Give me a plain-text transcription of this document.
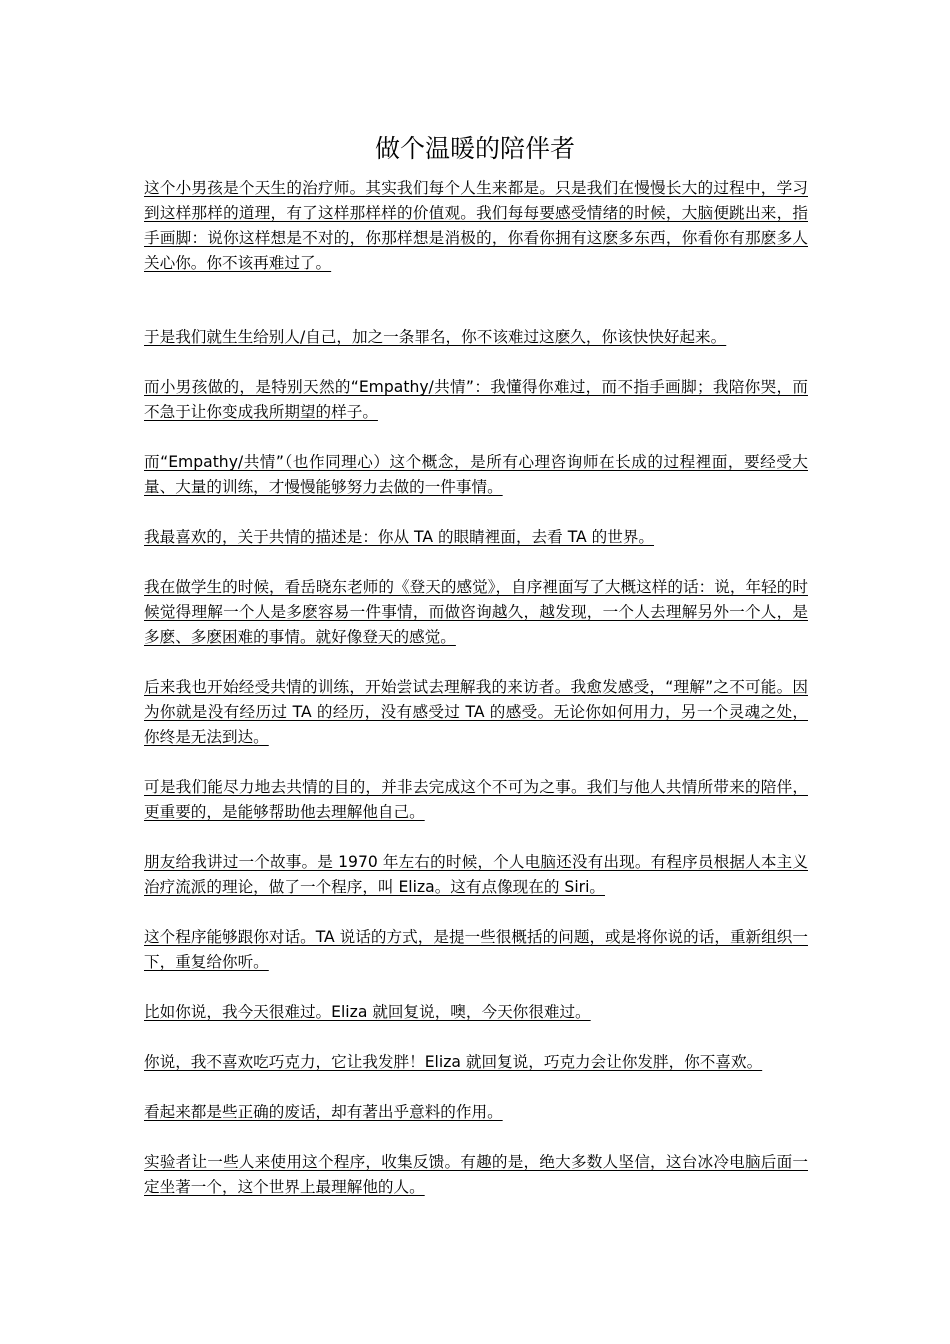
做个温暖的陪伴者

这个小男孩是个天生的治疗师。其实我们每个人生来都是。只是我们在慢慢长大的过程中，学习到这样那样的道理，有了这样那样样的价值观。我们每每要感受情绪的时候，大脑便跳出来，指手画脚：说你这样想是不对的，你那样想是消极的，你看你拥有这麽多东西，你看你有那麽多人关心你。你不该再难过了。

于是我们就生生给别人/自己，加之一条罪名，你不该难过这麽久，你该快快好起来。

而小男孩做的，是特别天然的“Empathy/共情”：我懂得你难过，而不指手画脚；我陪你哭，而不急于让你变成我所期望的样子。

而“Empathy/共情”（也作同理心）这个概念，是所有心理咨询师在长成的过程裡面，要经受大量、大量的训练，才慢慢能够努力去做的一件事情。

我最喜欢的，关于共情的描述是：你从 TA 的眼睛裡面，去看 TA 的世界。

我在做学生的时候，看岳晓东老师的《登天的感觉》，自序裡面写了大概这样的话：说，年轻的时候觉得理解一个人是多麽容易一件事情，而做咨询越久，越发现，一个人去理解另外一个人，是多麽、多麽困难的事情。就好像登天的感觉。

后来我也开始经受共情的训练，开始尝试去理解我的来访者。我愈发感受，“理解”之不可能。因为你就是没有经历过 TA 的经历，没有感受过 TA 的感受。无论你如何用力，另一个灵魂之处，你终是无法到达。

可是我们能尽力地去共情的目的，并非去完成这个不可为之事。我们与他人共情所带来的陪伴，更重要的，是能够帮助他去理解他自己。

朋友给我讲过一个故事。是 1970 年左右的时候，个人电脑还没有出现。有程序员根据人本主义治疗流派的理论，做了一个程序，叫 Eliza。这有点像现在的 Siri。

这个程序能够跟你对话。TA 说话的方式，是提一些很概括的问题，或是将你说的话，重新组织一下，重复给你听。

比如你说，我今天很难过。Eliza 就回复说，噢，今天你很难过。

你说，我不喜欢吃巧克力，它让我发胖！Eliza 就回复说，巧克力会让你发胖，你不喜欢。

看起来都是些正确的废话，却有著出乎意料的作用。

实验者让一些人来使用这个程序，收集反馈。有趣的是，绝大多数人坚信，这台冰冷电脑后面一定坐著一个，这个世界上最理解他的人。
